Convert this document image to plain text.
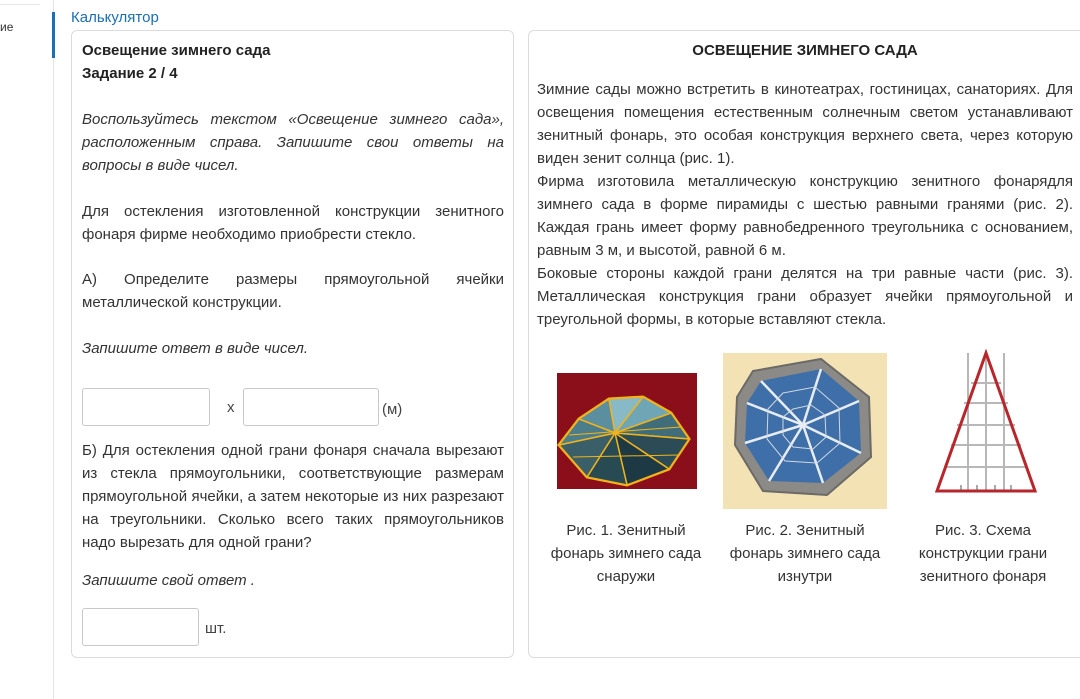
ие
Калькулятор
Освещение зимнего сада
Задание 2 / 4
Воспользуйтесь текстом «Освещение зимнего сада», расположенным справа. Запишите свои ответы на вопросы в виде чисел.
Для остекления изготовленной конструкции зенитного фонаря фирме необходимо приобрести стекло.
А) Определите размеры прямоугольной ячейки металлической конструкции.
Запишите ответ в виде чисел.
x	(м)
Б) Для остекления одной грани фонаря сначала вырезают из стекла прямоугольники, соответствующие размерам прямоугольной ячейки, а затем некоторые из них разрезают на треугольники. Сколько всего таких прямоугольников надо вырезать для одной грани?
Запишите свой ответ .
шт.
ОСВЕЩЕНИЕ ЗИМНЕГО САДА

Зимние сады можно встретить в кинотеатрах, гостиницах, санаториях. Для освещения помещения естественным солнечным светом устанавливают зенитный фонарь, это особая конструкция верхнего света, через которую виден зенит солнца (рис. 1).

Фирма изготовила металлическую конструкцию зенитного фонарядля зимнего сада в форме пирамиды с шестью равными гранями (рис. 2). Каждая грань имеет форму равнобедренного треугольника с основанием, равным 3 м, и высотой, равной 6 м.

Боковые стороны каждой грани делятся на три равные части (рис. 3). Металлическая конструкция грани образует ячейки прямоугольной и треугольной формы, в которые вставляют стекла.

Рис. 1. Зенитный фонарь зимнего сада снаружи
Рис. 2. Зенитный фонарь зимнего сада изнутри
Рис. 3. Схема конструкции грани зенитного фонаря
